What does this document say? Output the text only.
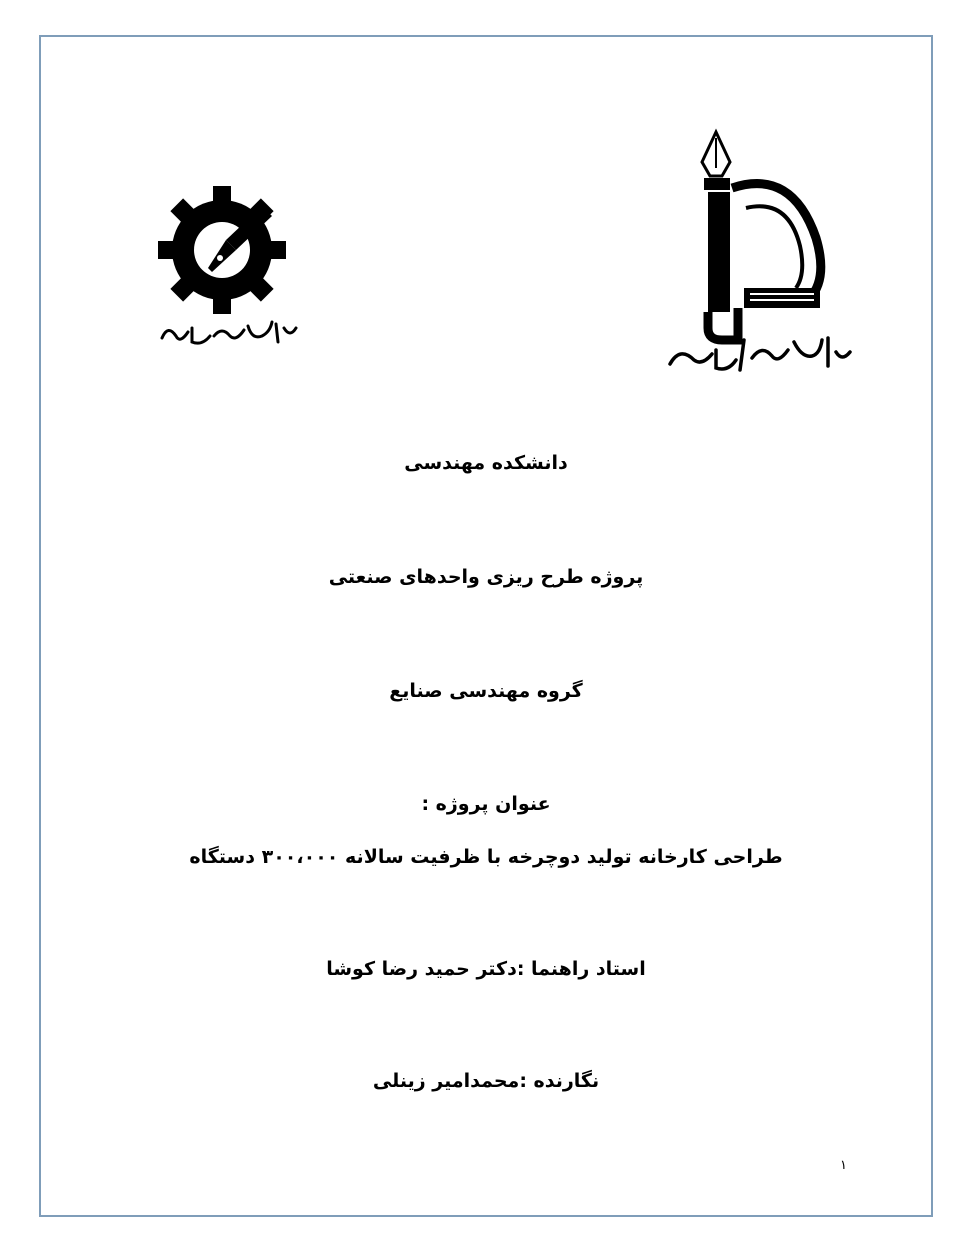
دانشکده مهندسی
پروژه طرح ریزی واحدهای صنعتی
گروه مهندسی صنایع
عنوان پروژه :
طراحی کارخانه تولید دوچرخه با ظرفیت سالانه ۳۰۰،۰۰۰ دستگاه
استاد راهنما :دکتر حمید رضا کوشا
نگارنده :محمدامیر زینلی
۱
